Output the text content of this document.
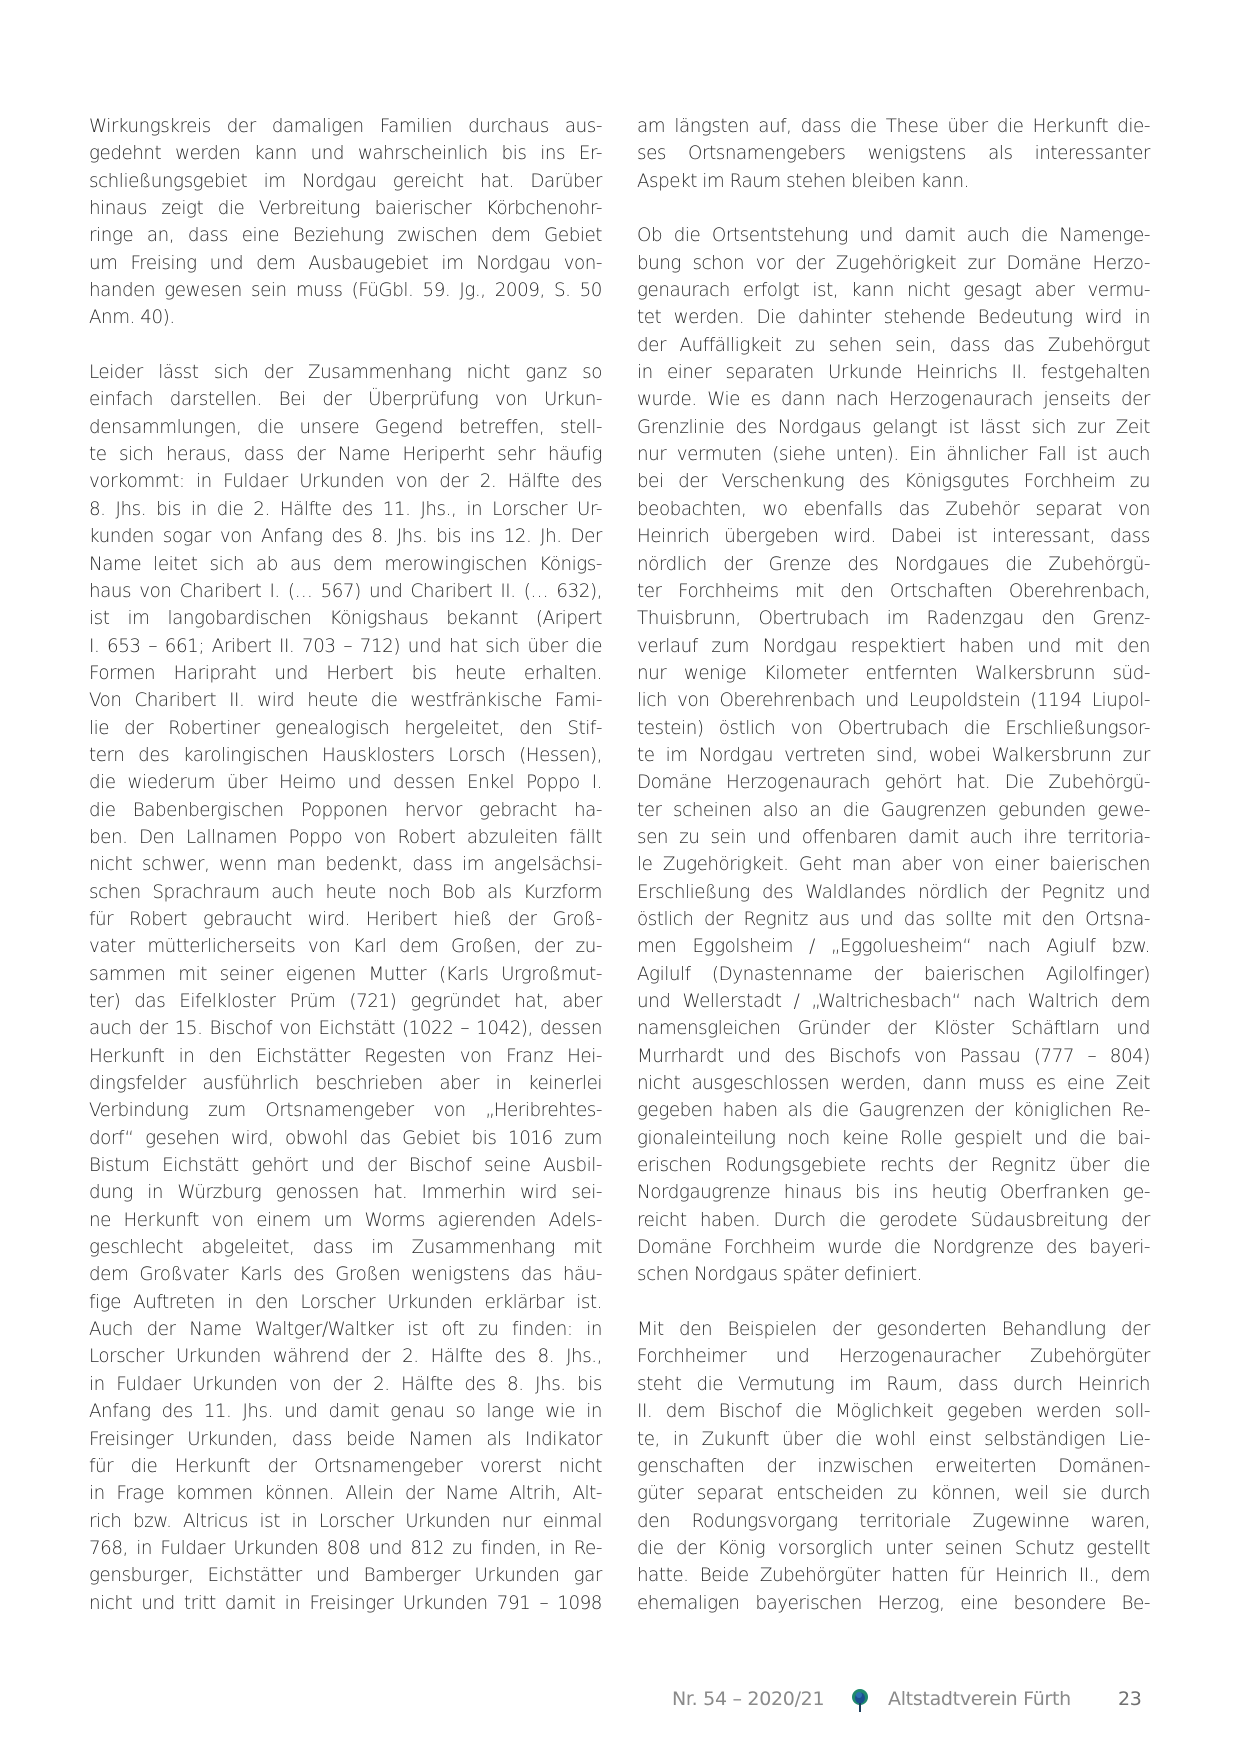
Wirkungskreis der damaligen Familien durchaus aus-
gedehnt werden kann und wahrscheinlich bis ins Er-
schließungsgebiet im Nordgau gereicht hat. Darüber
hinaus zeigt die Verbreitung baierischer Körbchenohr-
ringe an, dass eine Beziehung zwischen dem Gebiet
um Freising und dem Ausbaugebiet im Nordgau von-
handen gewesen sein muss (FüGbl. 59. Jg., 2009, S. 50
Anm. 40).
Leider lässt sich der Zusammenhang nicht ganz so
einfach darstellen. Bei der Überprüfung von Urkun-
densammlungen, die unsere Gegend betreffen, stell-
te sich heraus, dass der Name Heriperht sehr häufig
vorkommt: in Fuldaer Urkunden von der 2. Hälfte des
8. Jhs. bis in die 2. Hälfte des 11. Jhs., in Lorscher Ur-
kunden sogar von Anfang des 8. Jhs. bis ins 12. Jh. Der
Name leitet sich ab aus dem merowingischen Königs-
haus von Charibert I. (… 567) und Charibert II. (… 632),
ist im langobardischen Königshaus bekannt (Aripert
I. 653 – 661; Aribert II. 703 – 712) und hat sich über die
Formen Haripraht und Herbert bis heute erhalten.
Von Charibert II. wird heute die westfränkische Fami-
lie der Robertiner genealogisch hergeleitet, den Stif-
tern des karolingischen Hausklosters Lorsch (Hessen),
die wiederum über Heimo und dessen Enkel Poppo I.
die Babenbergischen Popponen hervor gebracht ha-
ben. Den Lallnamen Poppo von Robert abzuleiten fällt
nicht schwer, wenn man bedenkt, dass im angelsächsi-
schen Sprachraum auch heute noch Bob als Kurzform
für Robert gebraucht wird. Heribert hieß der Groß-
vater mütterlicherseits von Karl dem Großen, der zu-
sammen mit seiner eigenen Mutter (Karls Urgroßmut-
ter) das Eifelkloster Prüm (721) gegründet hat, aber
auch der 15. Bischof von Eichstätt (1022 – 1042), dessen
Herkunft in den Eichstätter Regesten von Franz Hei-
dingsfelder ausführlich beschrieben aber in keinerlei
Verbindung zum Ortsnamengeber von „Heribrehtes-
dorf“ gesehen wird, obwohl das Gebiet bis 1016 zum
Bistum Eichstätt gehört und der Bischof seine Ausbil-
dung in Würzburg genossen hat. Immerhin wird sei-
ne Herkunft von einem um Worms agierenden Adels-
geschlecht abgeleitet, dass im Zusammenhang mit
dem Großvater Karls des Großen wenigstens das häu-
fige Auftreten in den Lorscher Urkunden erklärbar ist.
Auch der Name Waltger/Waltker ist oft zu finden: in
Lorscher Urkunden während der 2. Hälfte des 8. Jhs.,
in Fuldaer Urkunden von der 2. Hälfte des 8. Jhs. bis
Anfang des 11. Jhs. und damit genau so lange wie in
Freisinger Urkunden, dass beide Namen als Indikator
für die Herkunft der Ortsnamengeber vorerst nicht
in Frage kommen können. Allein der Name Altrih, Alt-
rich bzw. Altricus ist in Lorscher Urkunden nur einmal
768, in Fuldaer Urkunden 808 und 812 zu finden, in Re-
gensburger, Eichstätter und Bamberger Urkunden gar
nicht und tritt damit in Freisinger Urkunden 791 – 1098
am längsten auf, dass die These über die Herkunft die-
ses Ortsnamengebers wenigstens als interessanter
Aspekt im Raum stehen bleiben kann.
Ob die Ortsentstehung und damit auch die Namenge-
bung schon vor der Zugehörigkeit zur Domäne Herzo-
genaurach erfolgt ist, kann nicht gesagt aber vermu-
tet werden. Die dahinter stehende Bedeutung wird in
der Auffälligkeit zu sehen sein, dass das Zubehörgut
in einer separaten Urkunde Heinrichs II. festgehalten
wurde. Wie es dann nach Herzogenaurach jenseits der
Grenzlinie des Nordgaus gelangt ist lässt sich zur Zeit
nur vermuten (siehe unten). Ein ähnlicher Fall ist auch
bei der Verschenkung des Königsgutes Forchheim zu
beobachten, wo ebenfalls das Zubehör separat von
Heinrich übergeben wird. Dabei ist interessant, dass
nördlich der Grenze des Nordgaues die Zubehörgü-
ter Forchheims mit den Ortschaften Oberehrenbach,
Thuisbrunn, Obertrubach im Radenzgau den Grenz-
verlauf zum Nordgau respektiert haben und mit den
nur wenige Kilometer entfernten Walkersbrunn süd-
lich von Oberehrenbach und Leupoldstein (1194 Liupol-
testein) östlich von Obertrubach die Erschließungsor-
te im Nordgau vertreten sind, wobei Walkersbrunn zur
Domäne Herzogenaurach gehört hat. Die Zubehörgü-
ter scheinen also an die Gaugrenzen gebunden gewe-
sen zu sein und offenbaren damit auch ihre territoria-
le Zugehörigkeit. Geht man aber von einer baierischen
Erschließung des Waldlandes nördlich der Pegnitz und
östlich der Regnitz aus und das sollte mit den Ortsna-
men Eggolsheim / „Eggoluesheim“ nach Agiulf bzw.
Agilulf (Dynastenname der baierischen Agilolfinger)
und Wellerstadt / „Waltrichesbach“ nach Waltrich dem
namensgleichen Gründer der Klöster Schäftlarn und
Murrhardt und des Bischofs von Passau (777 – 804)
nicht ausgeschlossen werden, dann muss es eine Zeit
gegeben haben als die Gaugrenzen der königlichen Re-
gionaleinteilung noch keine Rolle gespielt und die bai-
erischen Rodungsgebiete rechts der Regnitz über die
Nordgaugrenze hinaus bis ins heutig Oberfranken ge-
reicht haben. Durch die gerodete Südausbreitung der
Domäne Forchheim wurde die Nordgrenze des bayeri-
schen Nordgaus später definiert.
Mit den Beispielen der gesonderten Behandlung der
Forchheimer und Herzogenauracher Zubehörgüter
steht die Vermutung im Raum, dass durch Heinrich
II. dem Bischof die Möglichkeit gegeben werden soll-
te, in Zukunft über die wohl einst selbständigen Lie-
genschaften der inzwischen erweiterten Domänen-
güter separat entscheiden zu können, weil sie durch
den Rodungsvorgang territoriale Zugewinne waren,
die der König vorsorglich unter seinen Schutz gestellt
hatte. Beide Zubehörgüter hatten für Heinrich II., dem
ehemaligen bayerischen Herzog, eine besondere Be-
Nr. 54 – 2020/21	Altstadtverein Fürth 23
